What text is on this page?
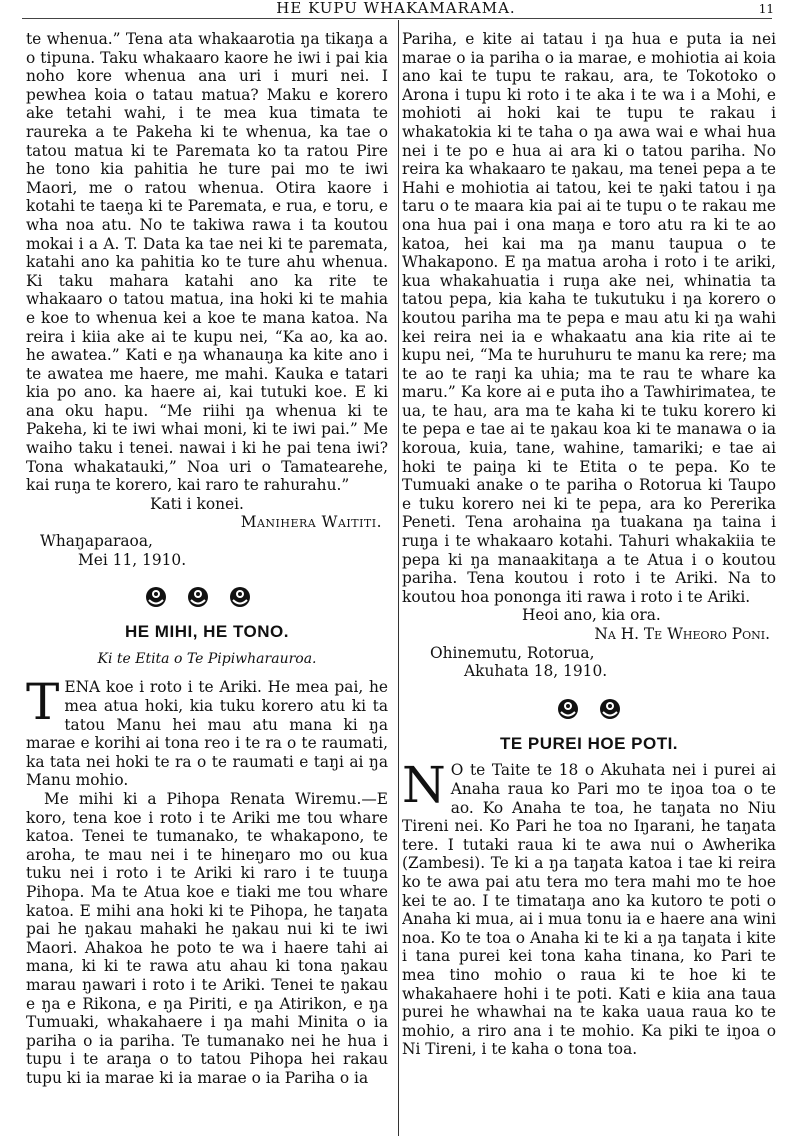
HE KUPU WHAKAMARAMA.	11

te whenua.” Tena ata whakaarotia ŋa tikaŋa a o tipuna. Taku whakaaro kaore he iwi i pai kia noho kore whenua ana uri i muri nei. I pewhea koia o tatau matua? Maku e korero ake tetahi wahi, i te mea kua timata te raureka a te Pakeha ki te whenua, ka tae o tatou matua ki te Paremata ko ta ratou Pire he tono kia pahitia he ture pai mo te iwi Maori, me o ratou whenua. Otira kaore i kotahi te taeŋa ki te Paremata, e rua, e toru, e wha noa atu. No te takiwa rawa i ta koutou mokai i a A. T. Data ka tae nei ki te paremata, katahi ano ka pahitia ko te ture ahu whenua. Ki taku mahara katahi ano ka rite te whakaaro o tatou matua, ina hoki ki te mahia e koe to whenua kei a koe te mana katoa. Na reira i kiia ake ai te kupu nei, “Ka ao, ka ao. he awatea.” Kati e ŋa whanauŋa ka kite ano i te awatea me haere, me mahi. Kauka e tatari kia po ano. ka haere ai, kai tutuki koe. E ki ana oku hapu. “Me riihi ŋa whenua ki te Pakeha, ki te iwi whai moni, ki te iwi pai.” Me waiho taku i tenei. nawai i ki he pai tena iwi? Tona whakatauki,” Noa uri o Tamatearehe, kai ruŋa te korero, kai raro te rahurahu.”

Kati i konei.

Manihera Waititi.

Whaŋaparaoa,

Mei 11, 1910.

HE MIHI, HE TONO.
Ki te Etita o Te Pipiwharauroa.

TENA koe i roto i te Ariki. He mea pai, he mea atua hoki, kia tuku korero atu ki ta tatou Manu hei mau atu mana ki ŋa marae e korihi ai tona reo i te ra o te raumati, ka tata nei hoki te ra o te raumati e taŋi ai ŋa Manu mohio.

Me mihi ki a Pihopa Renata Wiremu.—E koro, tena koe i roto i te Ariki me tou whare katoa. Tenei te tumanako, te whakapono, te aroha, te mau nei i te hineŋaro mo ou kua tuku nei i roto i te Ariki ki raro i te tuuŋa Pihopa. Ma te Atua koe e tiaki me tou whare katoa. E mihi ana hoki ki te Pihopa, he taŋata pai he ŋakau mahaki he ŋakau nui ki te iwi Maori. Ahakoa he poto te wa i haere tahi ai mana, ki ki te rawa atu ahau ki tona ŋakau marau ŋawari i roto i te Ariki. Tenei te ŋakau e ŋa e Rikona, e ŋa Piriti, e ŋa Atirikon, e ŋa Tumuaki, whakahaere i ŋa mahi Minita o ia pariha o ia pariha. Te tumanako nei he hua i tupu i te araŋa o to tatou Pihopa hei rakau tupu ki ia marae ki ia marae o ia Pariha o ia

Pariha, e kite ai tatau i ŋa hua e puta ia nei marae o ia pariha o ia marae, e mohiotia ai koia ano kai te tupu te rakau, ara, te Tokotoko o Arona i tupu ki roto i te aka i te wa i a Mohi, e mohioti ai hoki kai te tupu te rakau i whakatokia ki te taha o ŋa awa wai e whai hua nei i te po e hua ai ara ki o tatou pariha. No reira ka whakaaro te ŋakau, ma tenei pepa a te Hahi e mohiotia ai tatou, kei te ŋaki tatou i ŋa taru o te maara kia pai ai te tupu o te rakau me ona hua pai i ona maŋa e toro atu ra ki te ao katoa, hei kai ma ŋa manu taupua o te Whakapono. E ŋa matua aroha i roto i te ariki, kua whakahuatia i ruŋa ake nei, whinatia ta tatou pepa, kia kaha te tukutuku i ŋa korero o koutou pariha ma te pepa e mau atu ki ŋa wahi kei reira nei ia e whakaatu ana kia rite ai te kupu nei, “Ma te huruhuru te manu ka rere; ma te ao te raŋi ka uhia; ma te rau te whare ka maru.” Ka kore ai e puta iho a Tawhirimatea, te ua, te hau, ara ma te kaha ki te tuku korero ki te pepa e tae ai te ŋakau koa ki te manawa o ia koroua, kuia, tane, wahine, tamariki; e tae ai hoki te paiŋa ki te Etita o te pepa. Ko te Tumuaki anake o te pariha o Rotorua ki Taupo e tuku korero nei ki te pepa, ara ko Pererika Peneti. Tena arohaina ŋa tuakana ŋa taina i ruŋa i te whakaaro kotahi. Tahuri whakakiia te pepa ki ŋa manaakitaŋa a te Atua i o koutou pariha. Tena koutou i roto i te Ariki. Na to koutou hoa pononga iti rawa i roto i te Ariki.

Heoi ano, kia ora.

Na H. Te Wheoro Poni.

Ohinemutu, Rotorua,

Akuhata 18, 1910.

TE PUREI HOE POTI.

N O te Taite te 18 o Akuhata nei i purei ai Anaha raua ko Pari mo te iŋoa toa o te ao. Ko Anaha te toa, he taŋata no Niu Tireni nei. Ko Pari he toa no Iŋarani, he taŋata tere. I tutaki raua ki te awa nui o Awherika (Zambesi). Te ki a ŋa taŋata katoa i tae ki reira ko te awa pai atu tera mo tera mahi mo te hoe kei te ao. I te timataŋa ano ka kutoro te poti o Anaha ki mua, ai i mua tonu ia e haere ana wini noa. Ko te toa o Anaha ki te ki a ŋa taŋata i kite i tana purei kei tona kaha tinana, ko Pari te mea tino mohio o raua ki te hoe ki te whakahaere hohi i te poti. Kati e kiia ana taua purei he whawhai na te kaka uaua raua ko te mohio, a riro ana i te mohio. Ka piki te iŋoa o Ni Tireni, i te kaha o tona toa.
